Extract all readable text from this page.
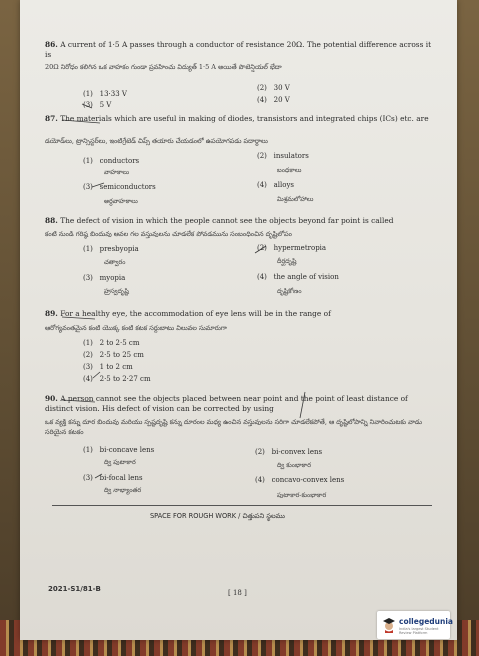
86. A current of 1·5 A passes through a conductor of resistance 20Ω. The potential difference across it is
20Ω నిరోధం కలిగిన ఒక వాహకం గుండా ప్రవహించు విద్యుత్ 1·5 A అయితే పొటెన్షియల్ భేదా
(1) 13·33 V
(2) 30 V
(3) 5 V
(4) 20 V
87. The materials which are useful in making of diodes, transistors and integrated chips (ICs) etc. are
డయోడ్‌లు, ట్రాన్సిస్టర్‌లు, ఇంటిగ్రేటెడ్ చిప్స్ తయారు చేయడంలో ఉపయోగపడు పదార్థాలు
(1) conductors
వాహకాలు
(2) insulators
బంధకాలు
(3) semiconductors
అర్ధవాహకాలు
(4) alloys
మిశ్రమలోహాలు
88. The defect of vision in which the people cannot see the objects beyond far point is called
కంటి నుండి గరిష్ఠ బిందువు ఆవల గల వస్తువులను చూడలేక పోవడమును సంబంధించిన దృష్టిలోపం
(1) presbyopia
చత్వారం
(2) hypermetropia
దీర్ఘదృష్టి
(3) myopia
హ్రస్వదృష్టి
(4) the angle of vision
దృష్టికోణం
89. For a healthy eye, the accommodation of eye lens will be in the range of
ఆరోగ్యవంతమైన కంటి యొక్క కంటి కటక సర్దుబాటు విలువల సుమారుగా
(1) 2 to 2·5 cm
(2) 2·5 to 25 cm
(3) 1 to 2 cm
(4) 2·5 to 2·27 cm
90. A person cannot see the objects placed between near point and the point of least distance of distinct vision. His defect of vision can be corrected by using
ఒక వ్యక్తి కన్ను దూర బిందువు మరియు స్పష్టదృష్టి కన్ను దూరంల మధ్య ఉంచిన వస్తువులను సరిగా చూడలేకపోతే, ఆ దృష్టిలోపాన్ని నివారించుటకు వాడు సరియైన కటకం
(1) bi-concave lens
ద్వి పుటాకార
(2) bi-convex lens
ద్వి కుంభాకార
(3) bi-focal lens
ద్వి నాభ్యాంతర
(4) concavo-convex lens
పుటాకార-కుంభాకార
SPACE FOR ROUGH WORK / చిత్తుపని స్థలము
2021-S1/81-B	[ 18 ]
collegedunia
India's largest Student Review Platform
